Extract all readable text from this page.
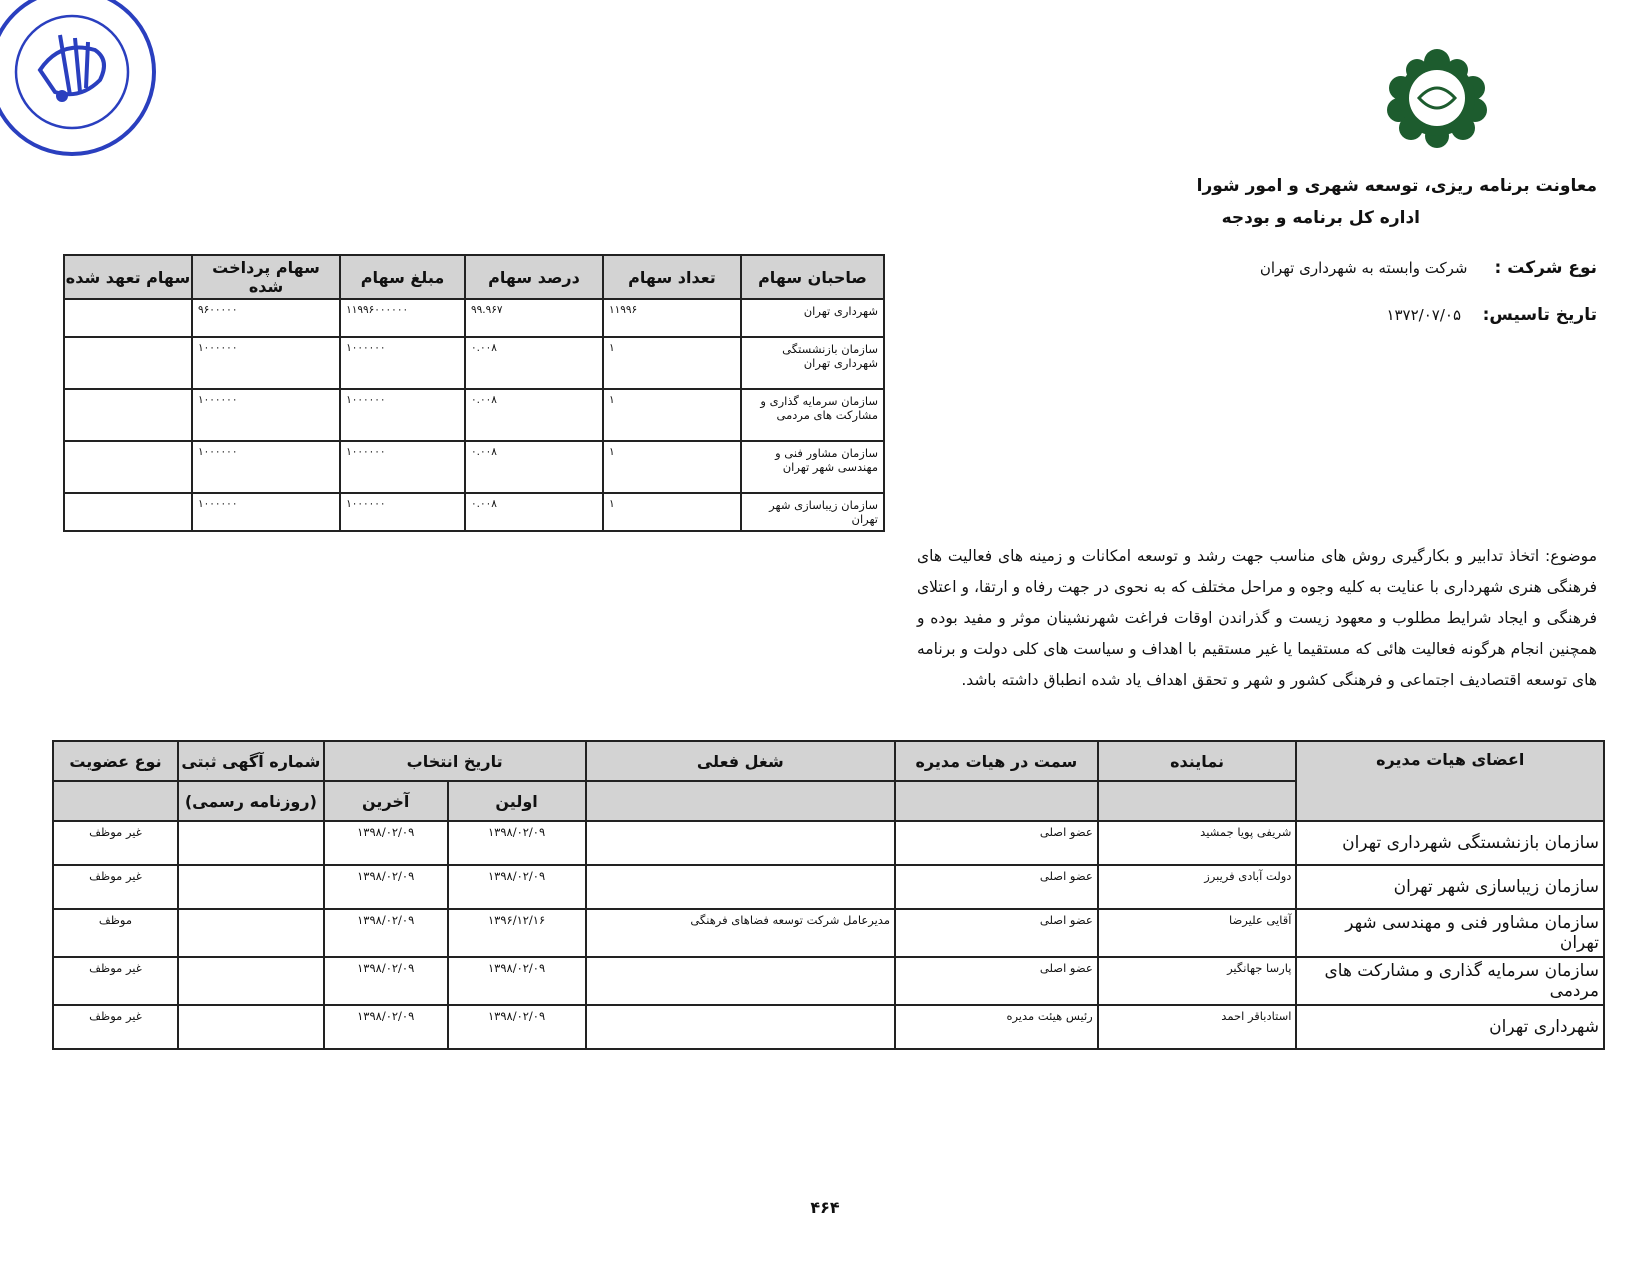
معاونت برنامه ریزی، توسعه شهری و امور شورا
اداره کل برنامه و بودجه
نوع شرکت :     شرکت وابسته به شهرداری تهران
تاریخ تاسیس:    ۱۳۷۲/۰۷/۰۵
صاحبان سهام	تعداد سهام	درصد سهام	مبلغ سهام	سهام پرداخت شده	سهام تعهد شده
شهرداری تهران	۱۱۹۹۶	۹۹.۹۶۷	۱۱۹۹۶۰۰۰۰۰۰	۹۶۰۰۰۰۰	
سازمان بازنشستگی شهرداری تهران	۱	۰.۰۰۸	۱۰۰۰۰۰۰	۱۰۰۰۰۰۰	
سازمان سرمایه گذاری و مشارکت های مردمی	۱	۰.۰۰۸	۱۰۰۰۰۰۰	۱۰۰۰۰۰۰	
سازمان مشاور فنی و مهندسی شهر تهران	۱	۰.۰۰۸	۱۰۰۰۰۰۰	۱۰۰۰۰۰۰	
سازمان زیباسازی شهر تهران	۱	۰.۰۰۸	۱۰۰۰۰۰۰	۱۰۰۰۰۰۰	
موضوع: اتخاذ تدابیر و بکارگیری روش های مناسب جهت رشد و توسعه امکانات و زمینه های فعالیت های فرهنگی هنری شهرداری با عنایت به کلیه وجوه و مراحل مختلف که به نحوی در جهت رفاه و ارتقا، و اعتلای فرهنگی و ایجاد شرایط مطلوب و معهود زیست و گذراندن اوقات فراغت شهرنشینان موثر و مفید بوده و همچنین انجام هرگونه فعالیت هائی که مستقیما یا غیر مستقیم با اهداف و سیاست های کلی دولت و برنامه های توسعه اقتصادیف اجتماعی و فرهنگی کشور و شهر و تحقق اهداف یاد شده انطباق داشته باشد.
اعضای هیات مدیره	نماینده	سمت در هیات مدیره	شغل فعلی	تاریخ انتخاب		شماره آگهی ثبتی	نوع عضویت
				اولین	آخرین	(روزنامه رسمی)	
سازمان بازنشستگی شهرداری تهران	شریفی پویا جمشید	عضو اصلی		۱۳۹۸/۰۲/۰۹	۱۳۹۸/۰۲/۰۹		غیر موظف
سازمان زیباسازی شهر تهران	دولت آبادی فریبرز	عضو اصلی		۱۳۹۸/۰۲/۰۹	۱۳۹۸/۰۲/۰۹		غیر موظف
سازمان مشاور فنی و مهندسی شهر تهران	آقایی علیرضا	عضو اصلی	مدیرعامل شرکت توسعه فضاهای فرهنگی	۱۳۹۶/۱۲/۱۶	۱۳۹۸/۰۲/۰۹		موظف
سازمان سرمایه گذاری و مشارکت های مردمی	پارسا جهانگیر	عضو اصلی		۱۳۹۸/۰۲/۰۹	۱۳۹۸/۰۲/۰۹		غیر موظف
شهرداری تهران	استادباقر احمد	رئیس هیئت مدیره		۱۳۹۸/۰۲/۰۹	۱۳۹۸/۰۲/۰۹		غیر موظف
۴۶۴
